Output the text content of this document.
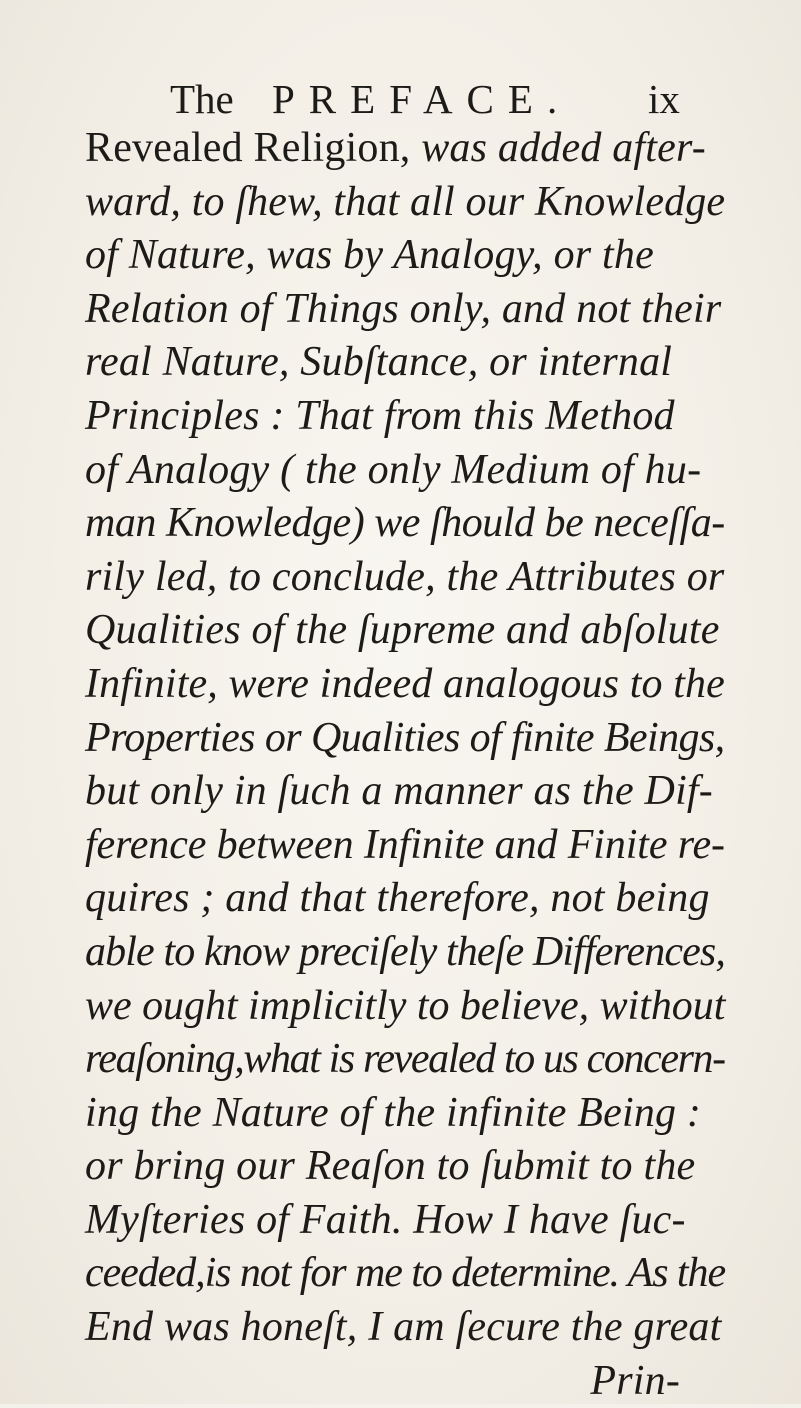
The PREFACE. ix
Revealed Religion, was added after-
ward, to ſhew, that all our Knowledge
of Nature, was by Analogy, or the
Relation of Things only, and not their
real Nature, Subſtance, or internal
Principles : That from this Method
of Analogy ( the only Medium of hu-
man Knowledge) we ſhould be neceſſa-
rily led, to conclude, the Attributes or
Qualities of the ſupreme and abſolute
Infinite, were indeed analogous to the
Properties or Qualities of finite Beings,
but only in ſuch a manner as the Dif-
ference between Infinite and Finite re-
quires ; and that therefore, not being
able to know preciſely theſe Differences,
we ought implicitly to believe, without
reaſoning,what is revealed to us concern-
ing the Nature of the infinite Being :
or bring our Reaſon to ſubmit to the
Myſteries of Faith. How I have ſuc-
ceeded,is not for me to determine. As the
End was honeſt, I am ſecure the great
Prin-
